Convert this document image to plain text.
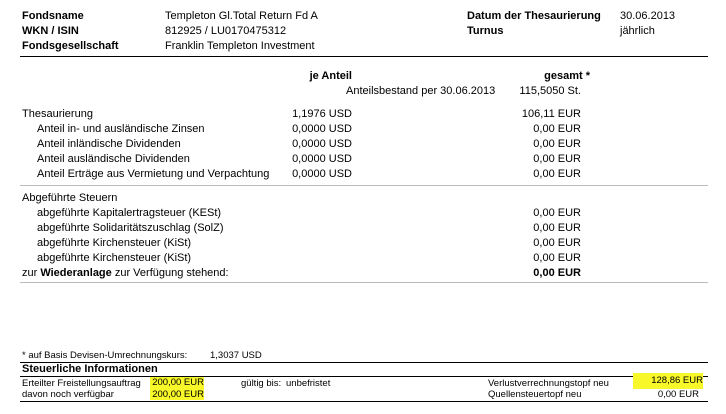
Fondsname	Templeton Gl.Total Return Fd A
WKN / ISIN	812925 / LU0170475312
Fondsgesellschaft	Franklin Templeton Investment
Datum der Thesaurierung 30.06.2013
Turnus	jährlich
je Anteil	gesamt *
Anteilsbestand per 30.06.2013	115,5050 St.
Thesaurierung	1,1976 USD	106,11 EUR
Anteil in- und ausländische Zinsen	0,0000 USD	0,00 EUR
Anteil inländische Dividenden	0,0000 USD	0,00 EUR
Anteil ausländische Dividenden	0,0000 USD	0,00 EUR
Anteil Erträge aus Vermietung und Verpachtung	0,0000 USD	0,00 EUR
Abgeführte Steuern
abgeführte Kapitalertragsteuer (KESt)	0,00 EUR
abgeführte Solidaritätszuschlag (SolZ)	0,00 EUR
abgeführte Kirchensteuer (KiSt)	0,00 EUR
abgeführte Kirchensteuer (KiSt)	0,00 EUR
zur Wiederanlage zur Verfügung stehend:	0,00 EUR
* auf Basis Devisen-Umrechnungskurs: 1,3037 USD
Steuerliche Informationen
Erteilter Freistellungsauftrag 200,00 EUR	gültig bis: unbefristet	Verlustverrechnungstopf neu	128,86 EUR
davon noch verfügbar	200,00 EUR	Quellensteuertopf neu	0,00 EUR
